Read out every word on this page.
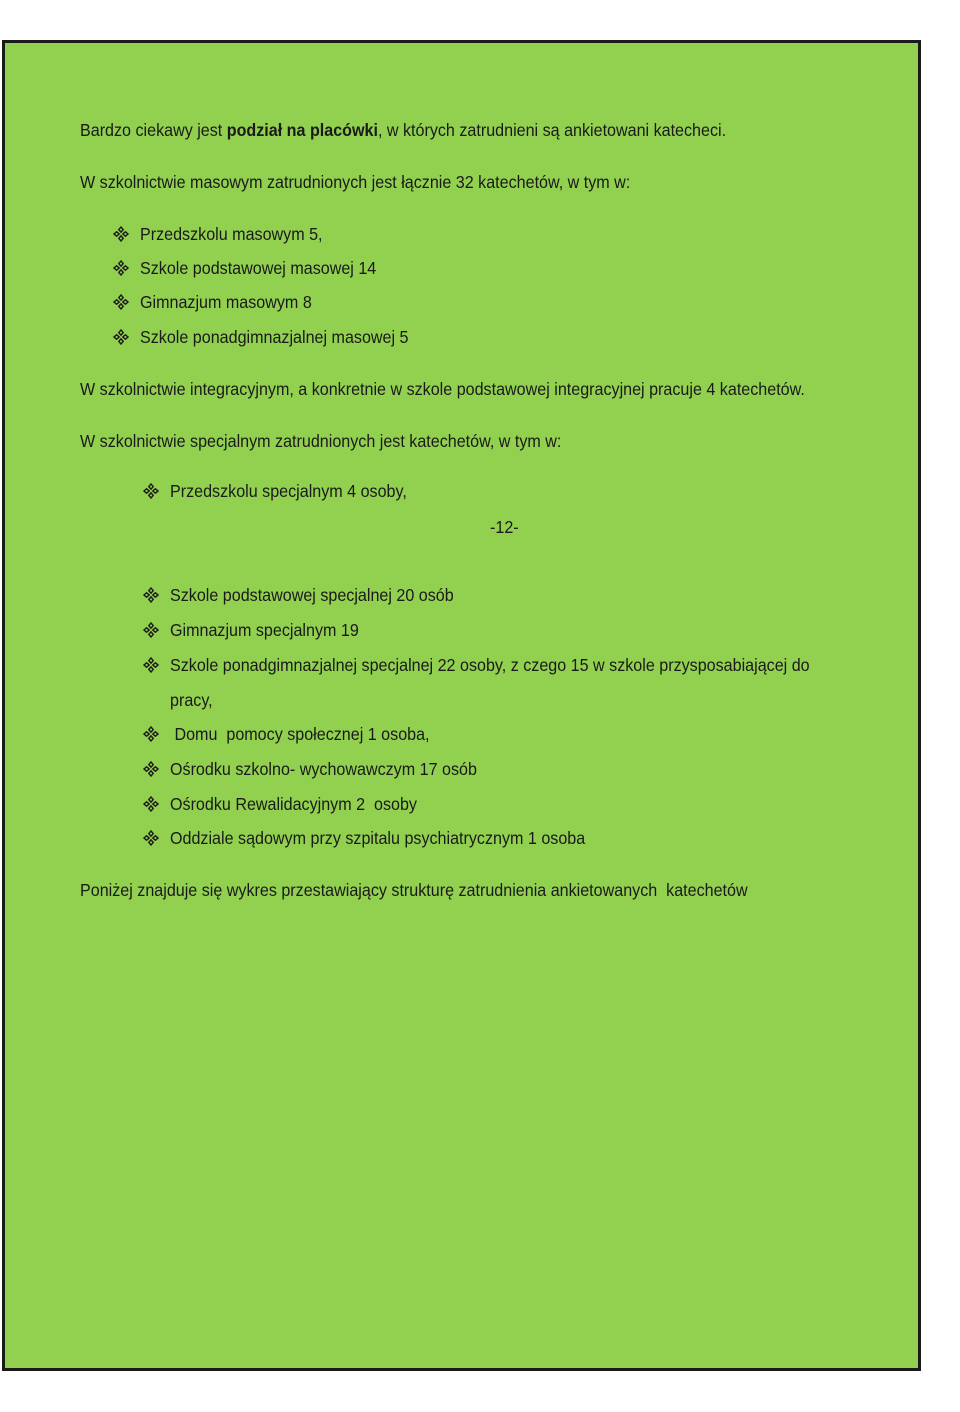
Bardzo ciekawy jest podział na placówki, w których zatrudnieni są ankietowani katecheci.
W szkolnictwie masowym zatrudnionych jest łącznie 32 katechetów, w tym w:
Przedszkolu masowym 5,
Szkole podstawowej masowej 14
Gimnazjum masowym 8
Szkole ponadgimnazjalnej masowej 5
W szkolnictwie integracyjnym, a konkretnie w szkole podstawowej integracyjnej pracuje 4 katechetów.
W szkolnictwie specjalnym zatrudnionych jest katechetów, w tym w:
Przedszkolu specjalnym 4 osoby,
-12-
Szkole podstawowej specjalnej 20 osób
Gimnazjum specjalnym 19
Szkole ponadgimnazjalnej specjalnej 22 osoby, z czego 15 w szkole przysposabiającej do
pracy,
Domu  pomocy społecznej 1 osoba,
Ośrodku szkolno- wychowawczym 17 osób
Ośrodku Rewalidacyjnym 2  osoby
Oddziale sądowym przy szpitalu psychiatrycznym 1 osoba
Poniżej znajduje się wykres przestawiający strukturę zatrudnienia ankietowanych  katechetów
